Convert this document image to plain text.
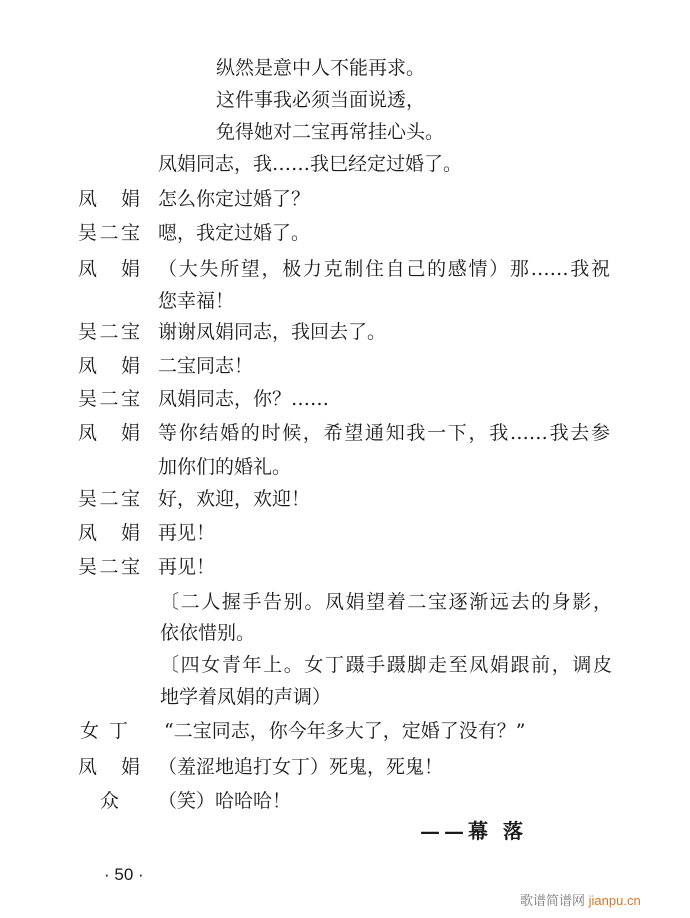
纵然是意中人不能再求。
这件事我必须当面说透，
免得她对二宝再常挂心头。
凤娟同志，我……我巳经定过婚了。
凤娟 怎么你定过婚了？
吴二宝 嗯，我定过婚了。
凤娟 （大失所望，极力克制住自己的感情）那……我祝
您幸福！
吴二宝 谢谢凤娟同志，我回去了。
凤娟 二宝同志！
吴二宝 凤娟同志，你？……
凤娟 等你结婚的时候，希望通知我一下，我……我去参
加你们的婚礼。
吴二宝 好，欢迎，欢迎！
凤娟 再见！
吴二宝 再见！
〔二人握手告别。凤娟望着二宝逐渐远去的身影，
依依惜别。
〔四女青年上。女丁蹑手蹑脚走至凤娟跟前，调皮
地学着凤娟的声调）
女丁 “二宝同志，你今年多大了，定婚了没有？”
凤娟 （羞涩地追打女丁）死鬼，死鬼！
众 （笑）哈哈哈！
——幕 落
· 50 ·
歌谱简谱网 jianpu.cn
